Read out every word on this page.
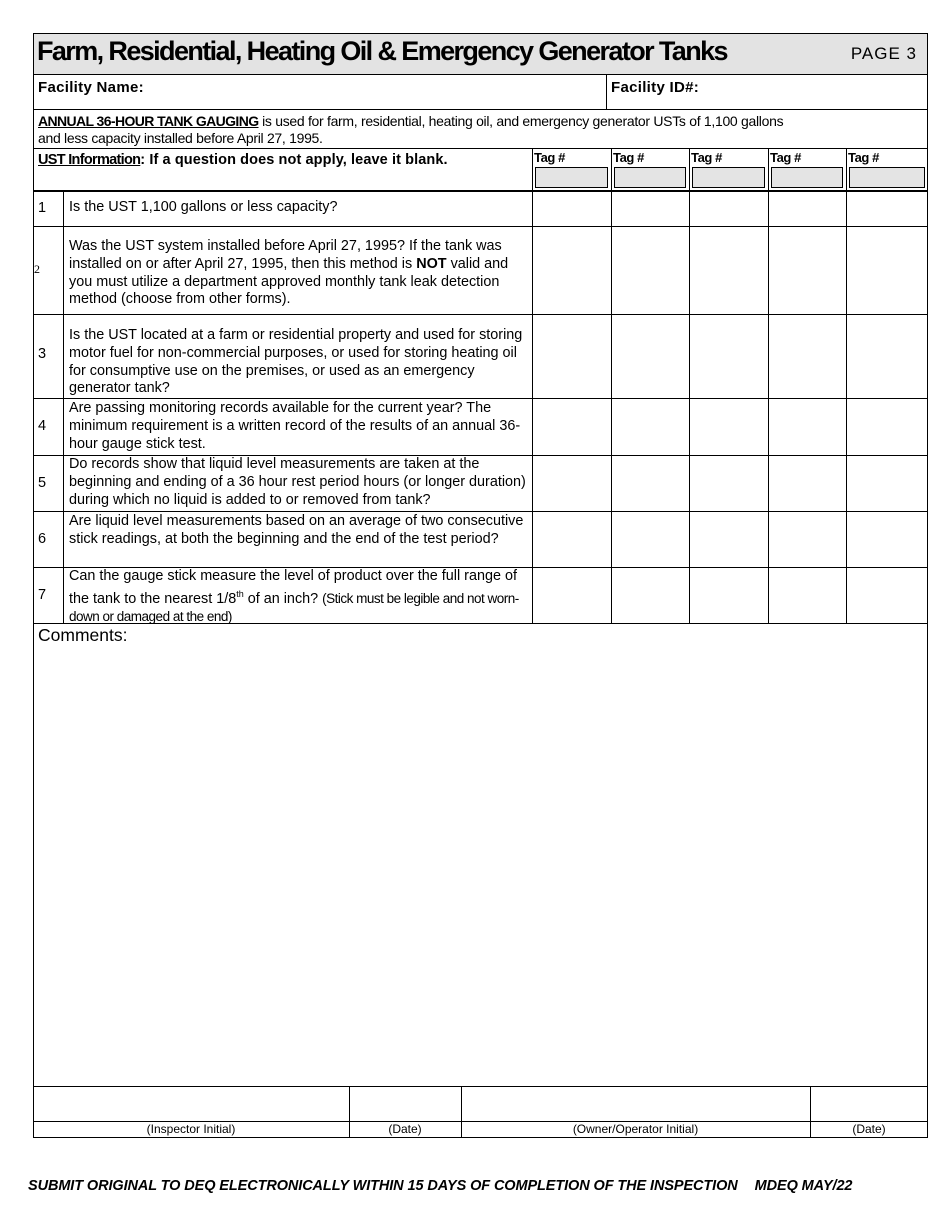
Farm, Residential, Heating Oil & Emergency Generator Tanks	PAGE 3
Facility Name:	Facility ID#:
ANNUAL 36-HOUR TANK GAUGING is used for farm, residential, heating oil, and emergency generator USTs of 1,100 gallons
and less capacity installed before April 27, 1995.
UST Information: If a question does not apply, leave it blank.	Tag #	Tag #	Tag #	Tag #	Tag #
1 Is the UST 1,100 gallons or less capacity?
2
Was the UST system installed before April 27, 1995? If the tank was installed on or after April 27, 1995, then this method is NOT valid and you must utilize a department approved monthly tank leak detection method (choose from other forms).
3
Is the UST located at a farm or residential property and used for storing motor fuel for non-commercial purposes, or used for storing heating oil for consumptive use on the premises, or used as an emergency generator tank?
4
Are passing monitoring records available for the current year? The minimum requirement is a written record of the results of an annual 36-hour gauge stick test.
5
Do records show that liquid level measurements are taken at the beginning and ending of a 36 hour rest period hours (or longer duration) during which no liquid is added to or removed from tank?
6
Are liquid level measurements based on an average of two consecutive stick readings, at both the beginning and the end of the test period?
7
Can the gauge stick measure the level of product over the full range of the tank to the nearest 1/8th of an inch? (Stick must be legible and not worn-down or damaged at the end)
Comments:
(Inspector Initial)	(Date)	(Owner/Operator Initial)	(Date)
SUBMIT ORIGINAL TO DEQ ELECTRONICALLY WITHIN 15 DAYS OF COMPLETION OF THE INSPECTION MDEQ MAY/22
